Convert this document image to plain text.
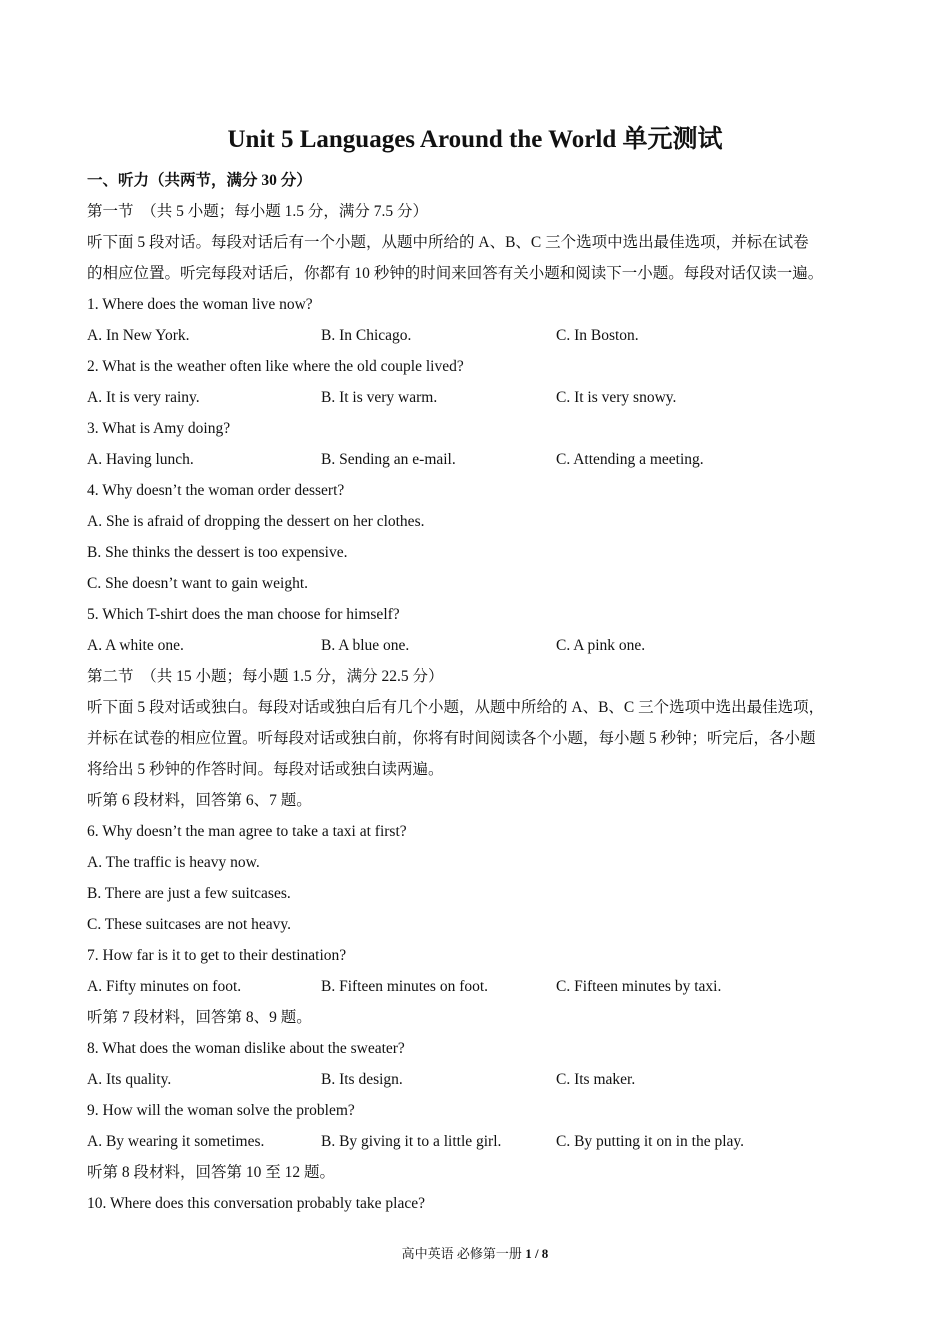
Unit 5 Languages Around the World 单元测试
一、听力（共两节，满分 30 分）
第一节　（共 5 小题；每小题 1.5 分，满分 7.5 分）
听下面 5 段对话。每段对话后有一个小题，从题中所给的 A、B、C 三个选项中选出最佳选项，并标在试卷
的相应位置。听完每段对话后，你都有 10 秒钟的时间来回答有关小题和阅读下一小题。每段对话仅读一遍。
1. Where does the woman live now?
A. In New York.	B. In Chicago.	C. In Boston.
2. What is the weather often like where the old couple lived?
A. It is very rainy.	B. It is very warm.	C. It is very snowy.
3. What is Amy doing?
A. Having lunch.	B. Sending an e-mail.	C. Attending a meeting.
4. Why doesn’t the woman order dessert?
A. She is afraid of dropping the dessert on her clothes.
B. She thinks the dessert is too expensive.
C. She doesn’t want to gain weight.
5. Which T-shirt does the man choose for himself?
A. A white one.	B. A blue one.	C. A pink one.
第二节　（共 15 小题；每小题 1.5 分，满分 22.5 分）
听下面 5 段对话或独白。每段对话或独白后有几个小题，从题中所给的 A、B、C 三个选项中选出最佳选项，
并标在试卷的相应位置。听每段对话或独白前，你将有时间阅读各个小题，每小题 5 秒钟；听完后，各小题
将给出 5 秒钟的作答时间。每段对话或独白读两遍。
听第 6 段材料，回答第 6、7 题。
6. Why doesn’t the man agree to take a taxi at first?
A. The traffic is heavy now.
B. There are just a few suitcases.
C. These suitcases are not heavy.
7. How far is it to get to their destination?
A. Fifty minutes on foot.	B. Fifteen minutes on foot.	C. Fifteen minutes by taxi.
听第 7 段材料，回答第 8、9 题。
8. What does the woman dislike about the sweater?
A. Its quality.	B. Its design.	C. Its maker.
9. How will the woman solve the problem?
A. By wearing it sometimes.	B. By giving it to a little girl.	C. By putting it on in the play.
听第 8 段材料，回答第 10 至 12 题。
10. Where does this conversation probably take place?
高中英语 必修第一册 1 / 8
